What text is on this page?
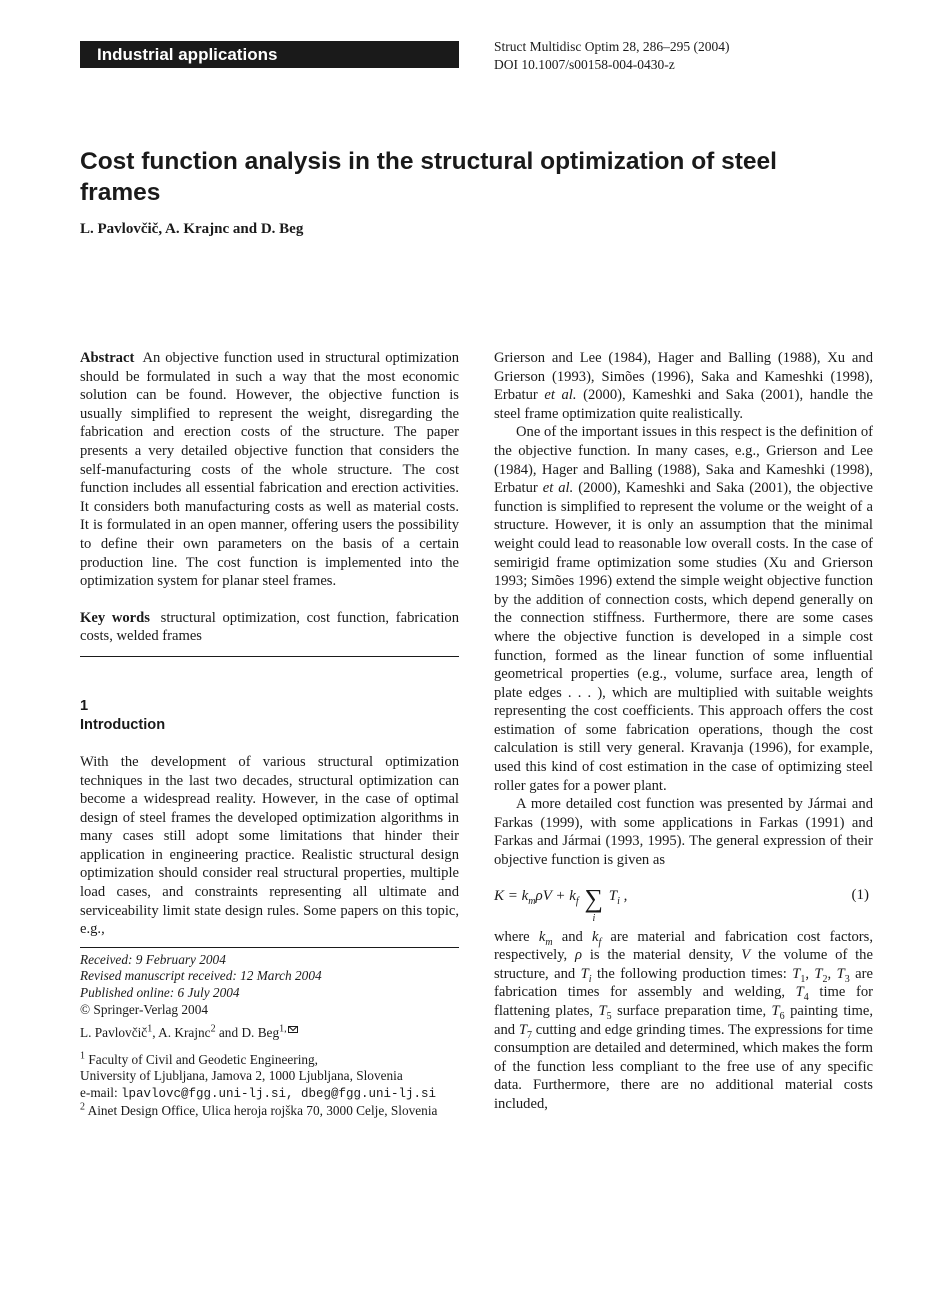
Industrial applications	Struct Multidisc Optim 28, 286–295 (2004)
DOI 10.1007/s00158-004-0430-z
Cost function analysis in the structural optimization of steel frames
L. Pavlovčič, A. Krajnc and D. Beg

Abstract An objective function used in structural optimization should be formulated in such a way that the most economic solution can be found. However, the objective function is usually simplified to represent the weight, disregarding the fabrication and erection costs of the structure. The paper presents a very detailed objective function that considers the self-manufacturing costs of the whole structure. The cost function includes all essential fabrication and erection activities. It considers both manufacturing costs as well as material costs. It is formulated in an open manner, offering users the possibility to define their own parameters on the basis of a certain production line. The cost function is implemented into the optimization system for planar steel frames.

Key words structural optimization, cost function, fabrication costs, welded frames

1
Introduction

With the development of various structural optimization techniques in the last two decades, structural optimization can become a widespread reality. However, in the case of optimal design of steel frames the developed optimization algorithms in many cases still adopt some limitations that hinder their application in engineering practice. Realistic structural design optimization should consider real structural properties, multiple load cases, and constraints representing all ultimate and serviceability limit state design rules. Some papers on this topic, e.g.,

Received: 9 February 2004
Revised manuscript received: 12 March 2004
Published online: 6 July 2004
© Springer-Verlag 2004
L. Pavlovčič$^1$, A. Krajnc$^2$ and D. Beg$^{1,}$
$^1$ Faculty of Civil and Geodetic Engineering,
University of Ljubljana, Jamova 2, 1000 Ljubljana, Slovenia
e-mail: lpavlovc@fgg.uni-lj.si, dbeg@fgg.uni-lj.si
$^2$ Ainet Design Office, Ulica heroja rojška 70, 3000 Celje, Slovenia

Grierson and Lee (1984), Hager and Balling (1988), Xu and Grierson (1993), Simões (1996), Saka and Kameshki (1998), Erbatur et al. (2000), Kameshki and Saka (2001), handle the steel frame optimization quite realistically.

One of the important issues in this respect is the definition of the objective function. In many cases, e.g., Grierson and Lee (1984), Hager and Balling (1988), Saka and Kameshki (1998), Erbatur et al. (2000), Kameshki and Saka (2001), the objective function is simplified to represent the volume or the weight of a structure. However, it is only an assumption that the minimal weight could lead to reasonable low overall costs. In the case of semirigid frame optimization some studies (Xu and Grierson 1993; Simões 1996) extend the simple weight objective function by the addition of connection costs, which depend generally on the connection stiffness. Furthermore, there are some cases where the objective function is developed in a simple cost function, formed as the linear function of some influential geometrical properties (e.g., volume, surface area, length of plate edges . . . ), which are multiplied with suitable weights representing the cost coefficients. This approach offers the cost estimation of some fabrication operations, though the cost calculation is still very general. Kravanja (1996), for example, used this kind of cost estimation in the case of optimizing steel roller gates for a power plant.

A more detailed cost function was presented by Jármai and Farkas (1999), with some applications in Farkas (1991) and Farkas and Jármai (1993, 1995). The general expression of their objective function is given as

$K = k_m\rho V + k_f$ ∑
i
$T_i$ ,	(1)

where $k_m$ and $k_f$ are material and fabrication cost factors, respectively, ρ is the material density, V the volume of the structure, and $T_i$ the following production times: $T_1$, $T_2$, $T_3$ are fabrication times for assembly and welding, $T_4$ time for flattening plates, $T_5$ surface preparation time, $T_6$ painting time, and $T_7$ cutting and edge grinding times. The expressions for time consumption are detailed and determined, which makes the form of the function less compliant to the free use of any specific data. Furthermore, there are no additional material costs included,
